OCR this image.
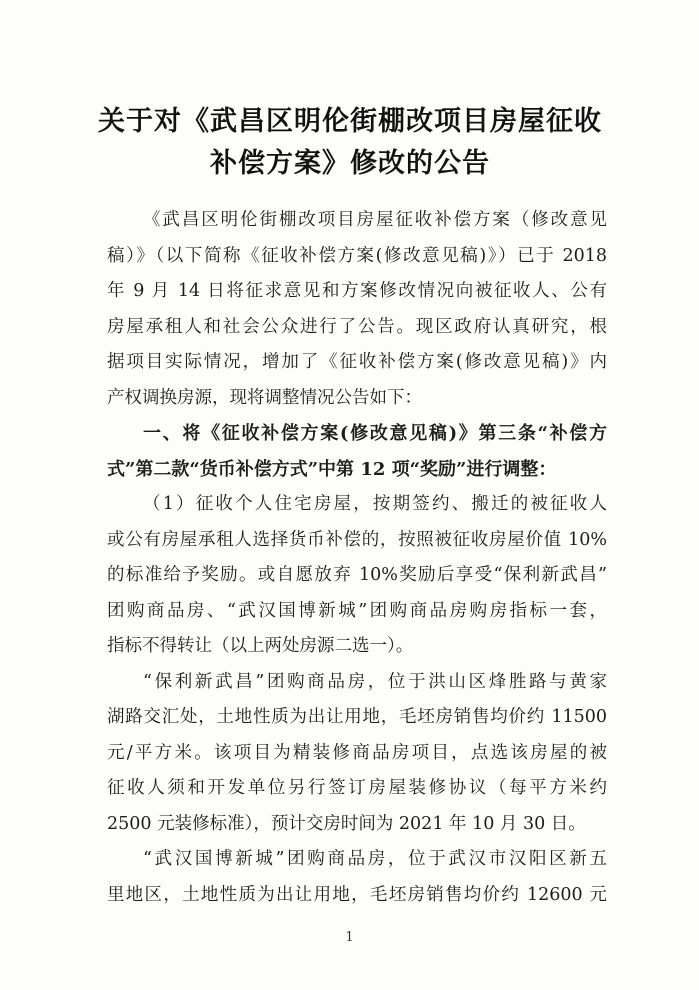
关于对《武昌区明伦街棚改项目房屋征收
补偿方案》修改的公告
《武昌区明伦街棚改项目房屋征收补偿方案（修改意见
稿）》（以下简称《征收补偿方案(修改意见稿)》）已于 2018
年 9 月 14 日将征求意见和方案修改情况向被征收人、公有
房屋承租人和社会公众进行了公告。现区政府认真研究，根
据项目实际情况，增加了《征收补偿方案(修改意见稿)》内
产权调换房源，现将调整情况公告如下：
一、将《征收补偿方案(修改意见稿)》第三条“补偿方
式”第二款“货币补偿方式”中第 12 项“奖励”进行调整：
（1）征收个人住宅房屋，按期签约、搬迁的被征收人
或公有房屋承租人选择货币补偿的，按照被征收房屋价值 10%
的标准给予奖励。或自愿放弃 10%奖励后享受“保利新武昌”
团购商品房、“武汉国博新城”团购商品房购房指标一套，
指标不得转让（以上两处房源二选一）。
“保利新武昌”团购商品房，位于洪山区烽胜路与黄家
湖路交汇处，土地性质为出让用地，毛坯房销售均价约 11500
元/平方米。该项目为精装修商品房项目，点选该房屋的被
征收人须和开发单位另行签订房屋装修协议（每平方米约
2500 元装修标准），预计交房时间为 2021 年 10 月 30 日。
“武汉国博新城”团购商品房，位于武汉市汉阳区新五
里地区，土地性质为出让用地，毛坯房销售均价约 12600 元
1
